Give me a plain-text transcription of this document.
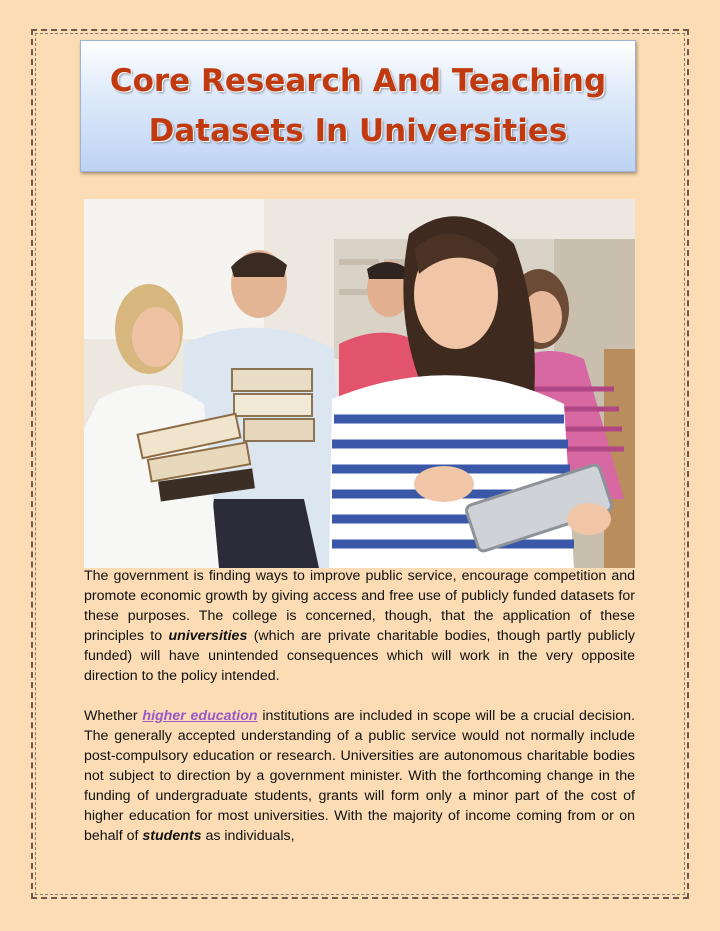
Core Research And Teaching Datasets In Universities

The government is finding ways to improve public service, encourage competition and promote economic growth by giving access and free use of publicly funded datasets for these purposes. The college is concerned, though, that the application of these principles to universities (which are private charitable bodies, though partly publicly funded) will have unintended consequences which will work in the very opposite direction to the policy intended.

Whether higher education institutions are included in scope will be a crucial decision. The generally accepted understanding of a public service would not normally include post-compulsory education or research. Universities are autonomous charitable bodies not subject to direction by a government minister. With the forthcoming change in the funding of undergraduate students, grants will form only a minor part of the cost of higher education for most universities. With the majority of income coming from or on behalf of students as individuals,
